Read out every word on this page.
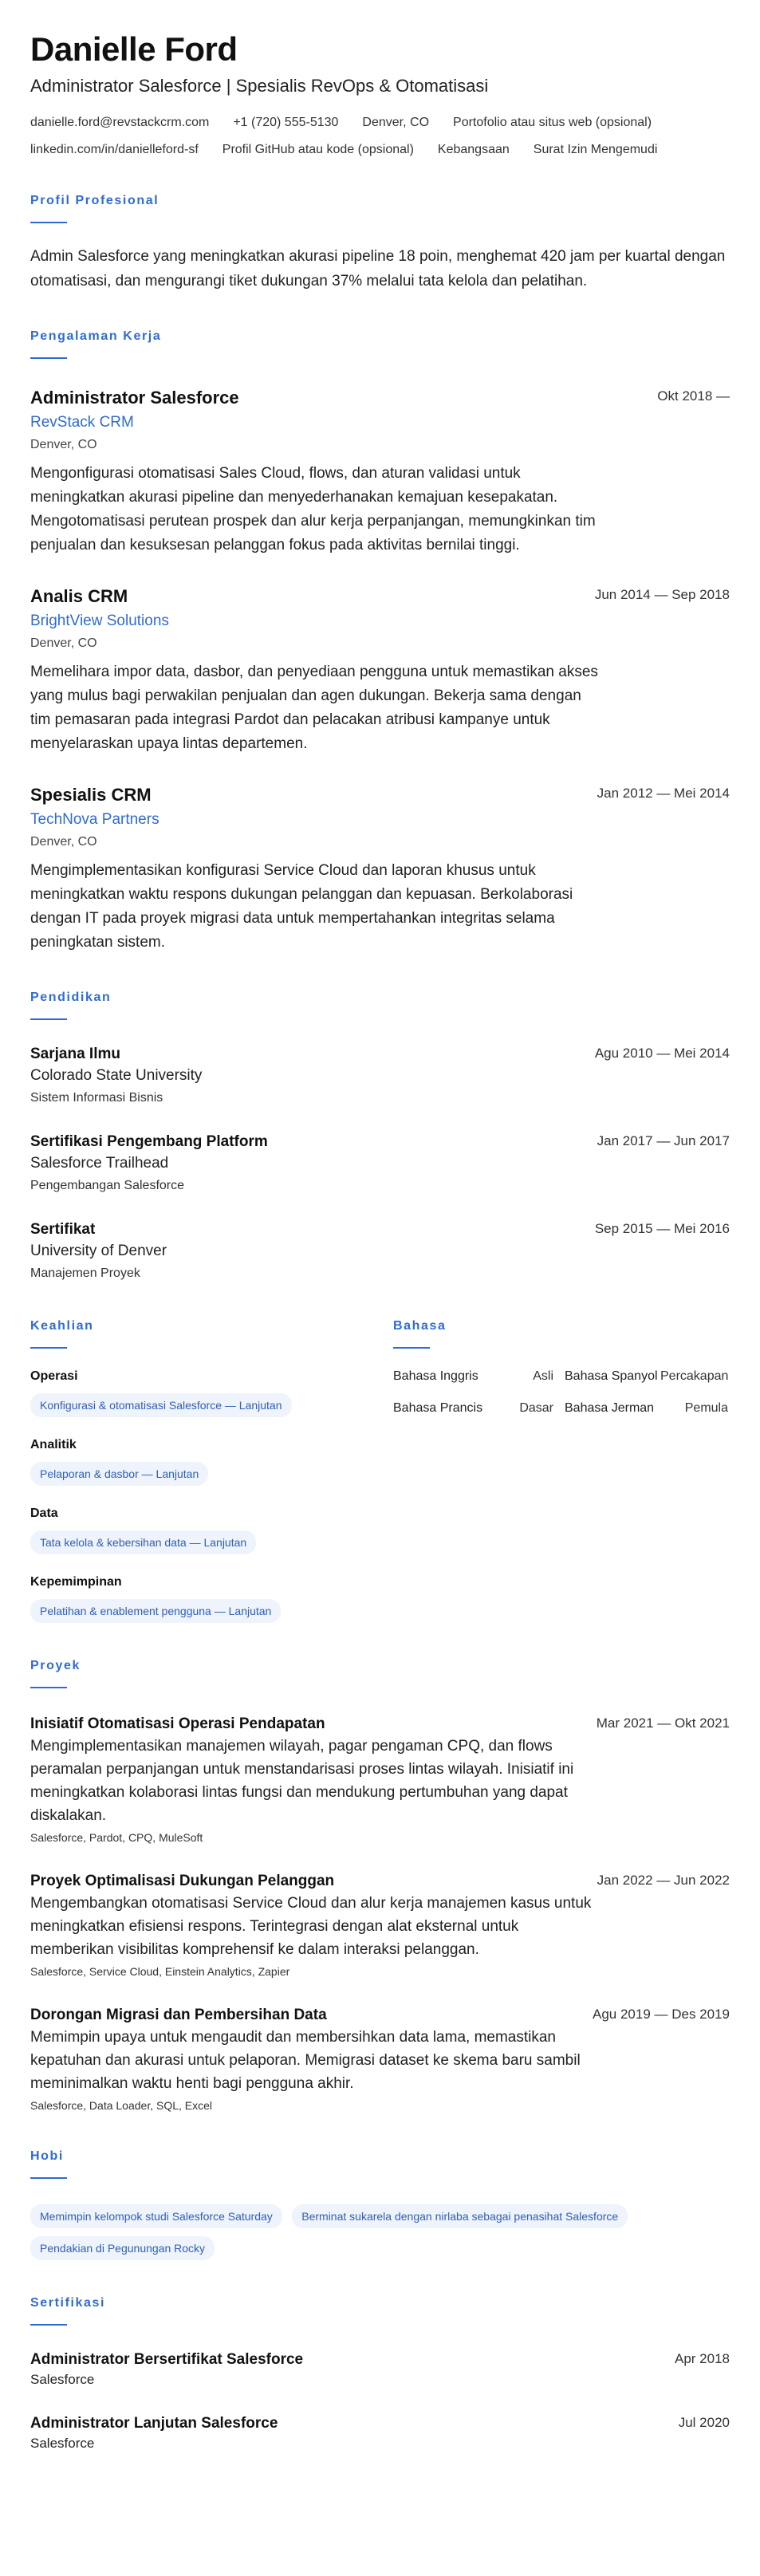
Danielle Ford
Administrator Salesforce | Spesialis RevOps & Otomatisasi
danielle.ford@revstackcrm.com +1 (720) 555-5130 Denver, CO Portofolio atau situs web (opsional)
linkedin.com/in/danielleford-sf Profil GitHub atau kode (opsional) Kebangsaan Surat Izin Mengemudi
Profil Profesional
Admin Salesforce yang meningkatkan akurasi pipeline 18 poin, menghemat 420 jam per kuartal dengan otomatisasi, dan mengurangi tiket dukungan 37% melalui tata kelola dan pelatihan.
Pengalaman Kerja
Administrator Salesforce	Okt 2018 —
RevStack CRM
Denver, CO
Mengonfigurasi otomatisasi Sales Cloud, flows, dan aturan validasi untuk meningkatkan akurasi pipeline dan menyederhanakan kemajuan kesepakatan. Mengotomatisasi perutean prospek dan alur kerja perpanjangan, memungkinkan tim penjualan dan kesuksesan pelanggan fokus pada aktivitas bernilai tinggi.
Analis CRM	Jun 2014 — Sep 2018
BrightView Solutions
Denver, CO
Memelihara impor data, dasbor, dan penyediaan pengguna untuk memastikan akses yang mulus bagi perwakilan penjualan dan agen dukungan. Bekerja sama dengan tim pemasaran pada integrasi Pardot dan pelacakan atribusi kampanye untuk menyelaraskan upaya lintas departemen.
Spesialis CRM	Jan 2012 — Mei 2014
TechNova Partners
Denver, CO
Mengimplementasikan konfigurasi Service Cloud dan laporan khusus untuk meningkatkan waktu respons dukungan pelanggan dan kepuasan. Berkolaborasi dengan IT pada proyek migrasi data untuk mempertahankan integritas selama peningkatan sistem.
Pendidikan
Sarjana Ilmu	Agu 2010 — Mei 2014
Colorado State University
Sistem Informasi Bisnis
Sertifikasi Pengembang Platform	Jan 2017 — Jun 2017
Salesforce Trailhead
Pengembangan Salesforce
Sertifikat	Sep 2015 — Mei 2016
University of Denver
Manajemen Proyek
Keahlian
Operasi
Konfigurasi & otomatisasi Salesforce — Lanjutan
Analitik
Pelaporan & dasbor — Lanjutan
Data
Tata kelola & kebersihan data — Lanjutan
Kepemimpinan
Pelatihan & enablement pengguna — Lanjutan
Bahasa
Bahasa Inggris	Asli Bahasa Spanyol Percakapan
Bahasa Prancis	Dasar Bahasa Jerman	Pemula
Proyek
Inisiatif Otomatisasi Operasi Pendapatan	Mar 2021 — Okt 2021
Mengimplementasikan manajemen wilayah, pagar pengaman CPQ, dan flows peramalan perpanjangan untuk menstandarisasi proses lintas wilayah. Inisiatif ini meningkatkan kolaborasi lintas fungsi dan mendukung pertumbuhan yang dapat diskalakan.
Salesforce, Pardot, CPQ, MuleSoft
Proyek Optimalisasi Dukungan Pelanggan	Jan 2022 — Jun 2022
Mengembangkan otomatisasi Service Cloud dan alur kerja manajemen kasus untuk meningkatkan efisiensi respons. Terintegrasi dengan alat eksternal untuk memberikan visibilitas komprehensif ke dalam interaksi pelanggan.
Salesforce, Service Cloud, Einstein Analytics, Zapier
Dorongan Migrasi dan Pembersihan Data	Agu 2019 — Des 2019
Memimpin upaya untuk mengaudit dan membersihkan data lama, memastikan kepatuhan dan akurasi untuk pelaporan. Memigrasi dataset ke skema baru sambil meminimalkan waktu henti bagi pengguna akhir.
Salesforce, Data Loader, SQL, Excel
Hobi
Memimpin kelompok studi Salesforce Saturday	Berminat sukarela dengan nirlaba sebagai penasihat Salesforce Pendakian di Pegunungan Rocky
Sertifikasi
Administrator Bersertifikat Salesforce	Apr 2018
Salesforce
Administrator Lanjutan Salesforce	Jul 2020
Salesforce
